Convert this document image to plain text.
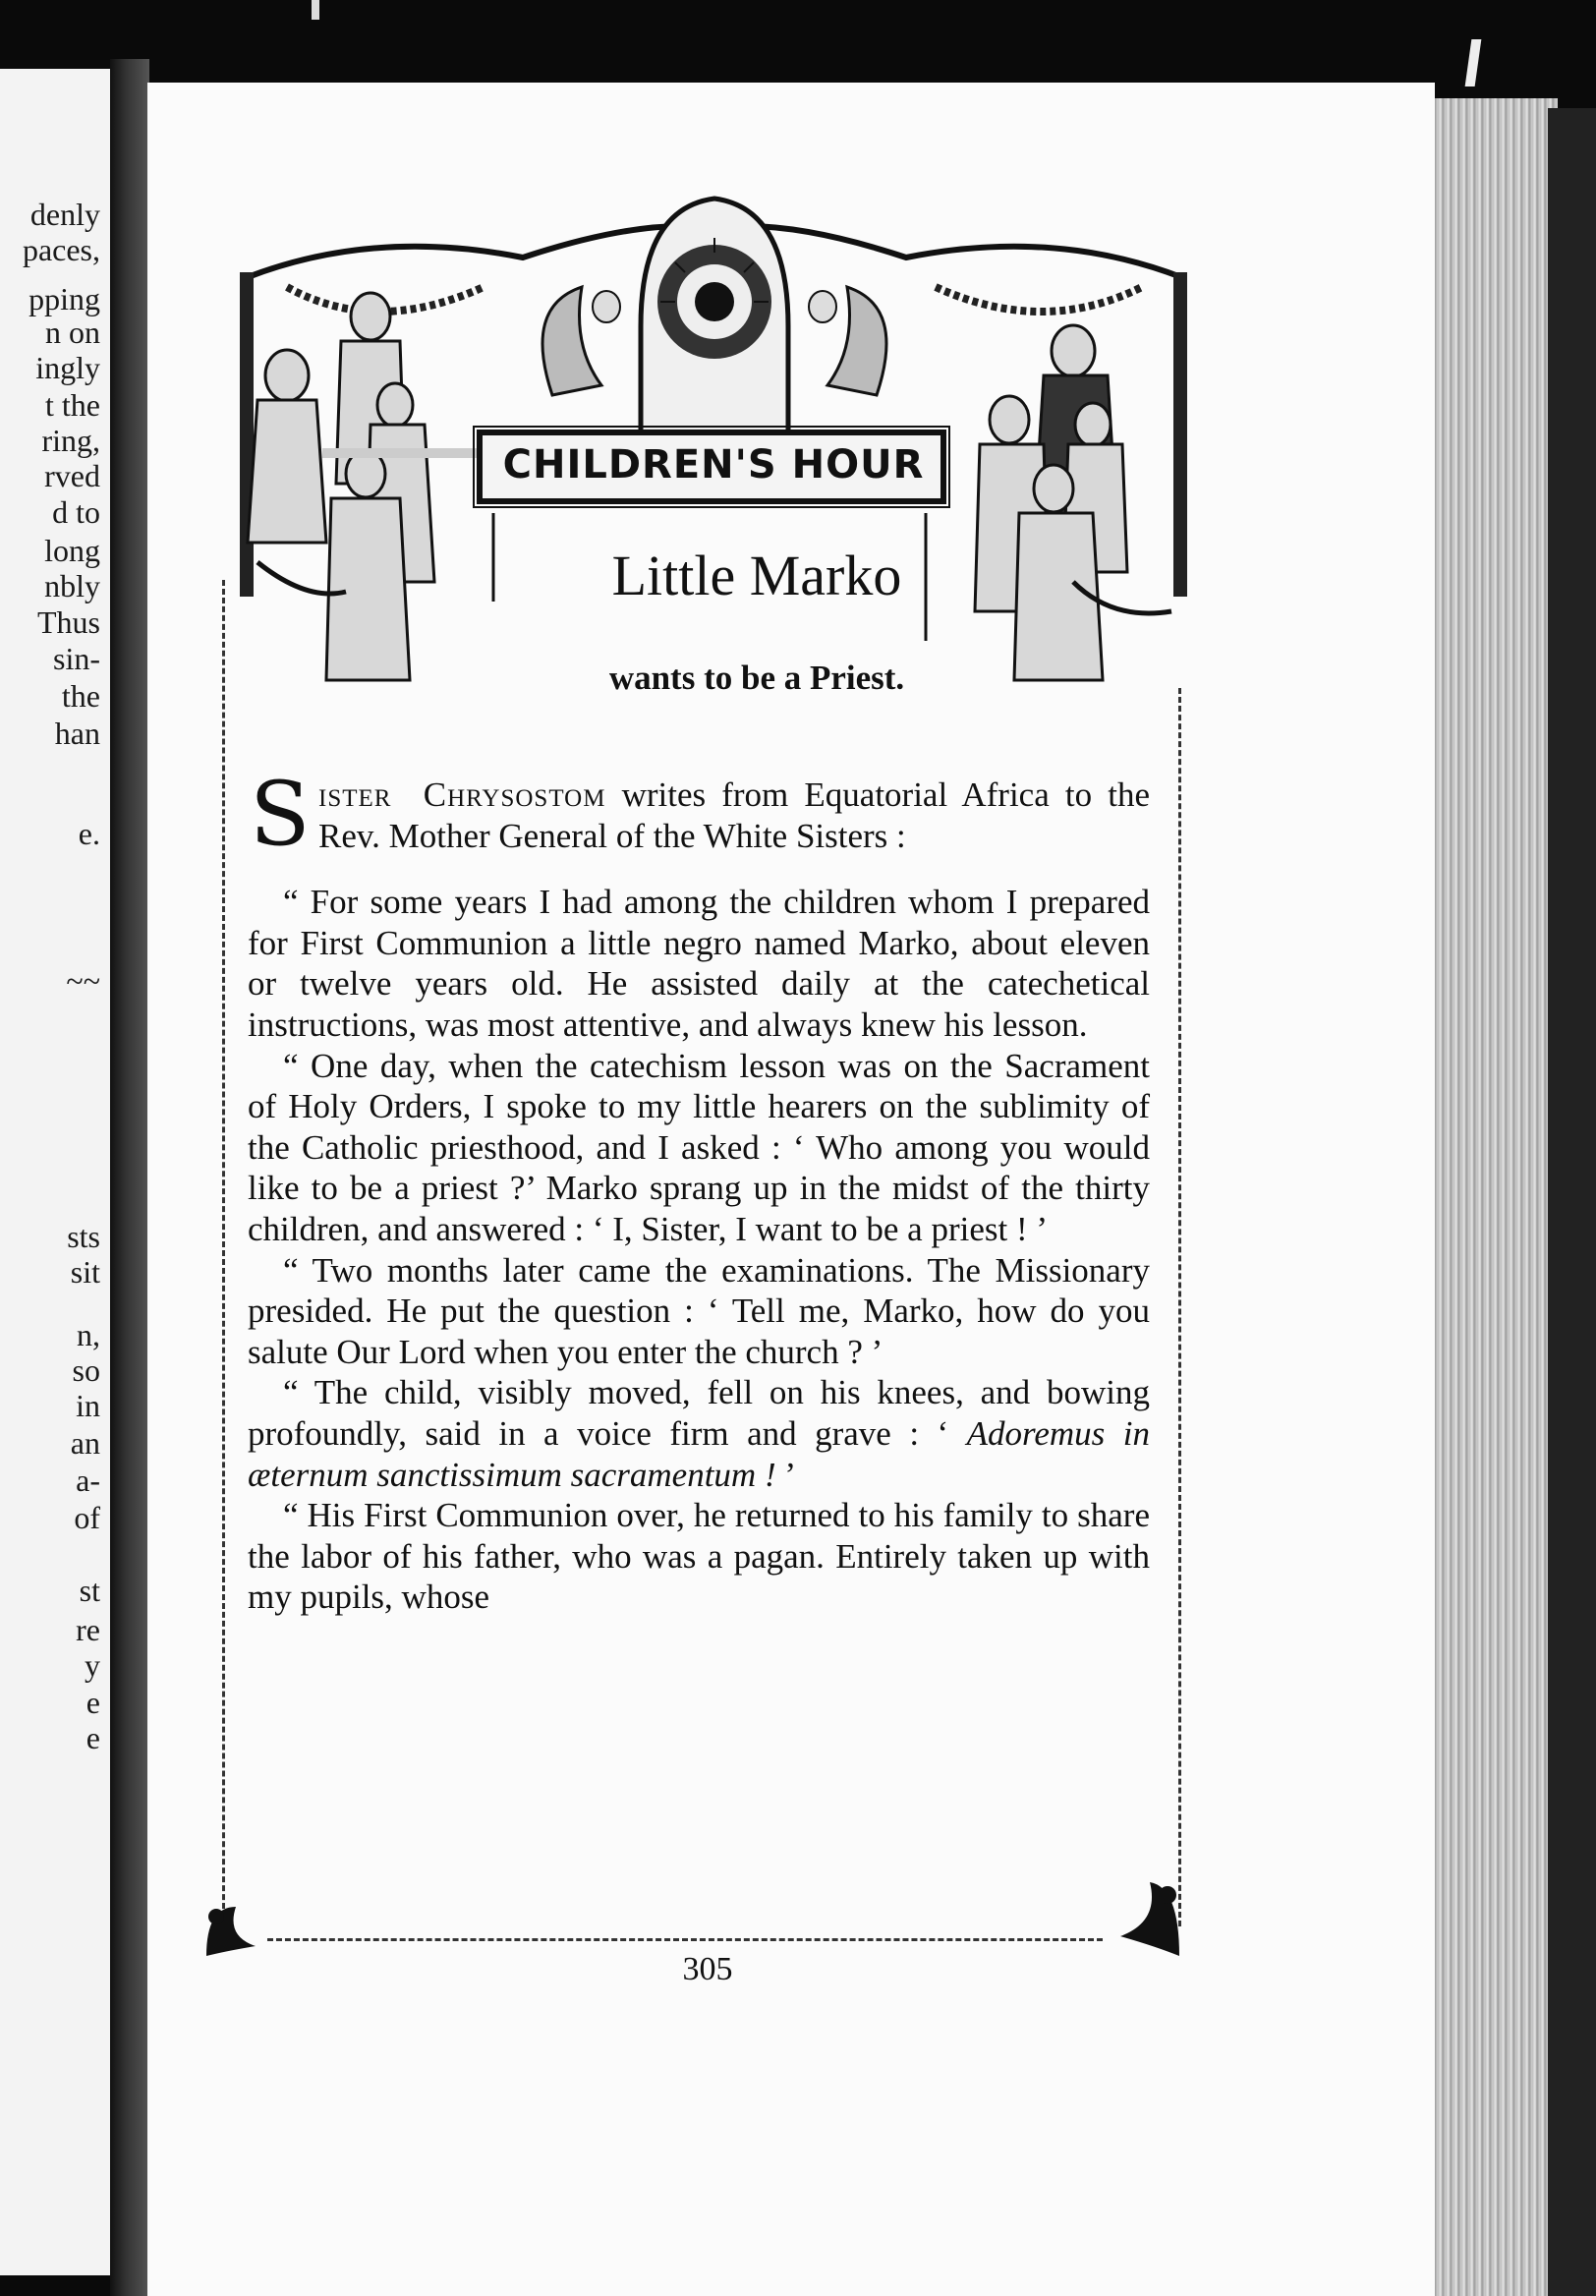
denly
paces,
pping
n on
ingly
t the
ring,
rved
d to
long
nbly
Thus
sin-
the
han
e.
~~
sts
sit
n,
so
in
an
a-
of
st
re
y
e
e
CHILDREN'S HOUR
Little Marko
wants to be a Priest.

S ister Chrysostom writes from Equatorial Africa to the Rev. Mother General of the White Sisters :

“ For some years I had among the children whom I prepared for First Communion a little negro named Marko, about eleven or twelve years old. He assisted daily at the catechetical instructions, was most attentive, and always knew his lesson.

“ One day, when the catechism lesson was on the Sacrament of Holy Orders, I spoke to my little hearers on the sublimity of the Catholic priesthood, and I asked : ‘ Who among you would like to be a priest ?’ Marko sprang up in the midst of the thirty children, and answered : ‘ I, Sister, I want to be a priest ! ’

“ Two months later came the examinations. The Missionary presided. He put the question : ‘ Tell me, Marko, how do you salute Our Lord when you enter the church ? ’

“ The child, visibly moved, fell on his knees, and bowing profoundly, said in a voice firm and grave : ‘ Adoremus in æternum sanctissimum sacramentum ! ’

“ His First Communion over, he returned to his family to share the labor of his father, who was a pagan. Entirely taken up with my pupils, whose

305
